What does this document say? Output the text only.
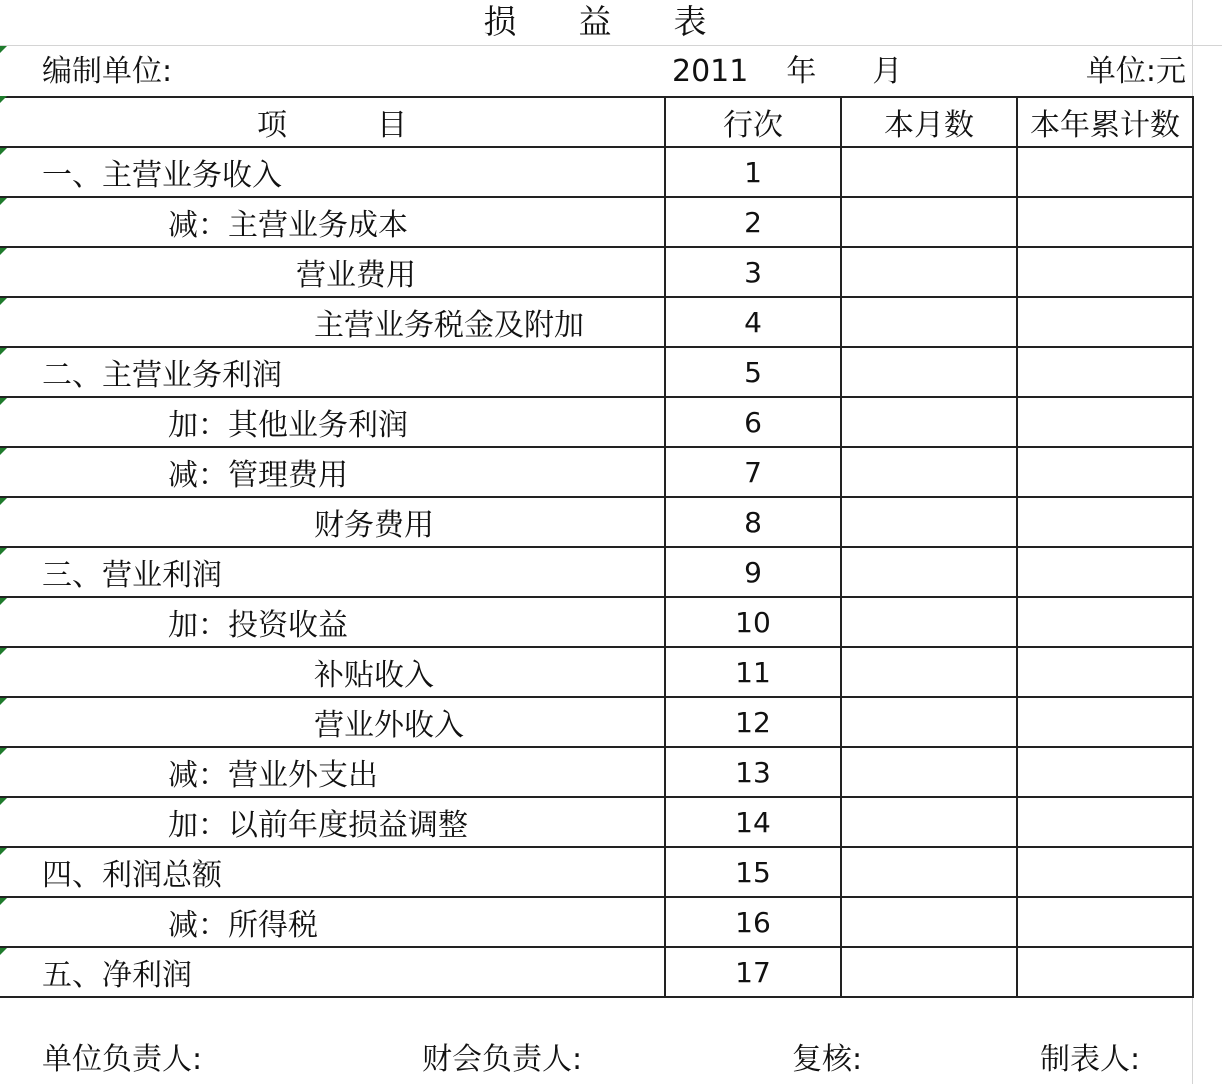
损 益 表
编制单位:	2011 年 月	单位:元
项　　　目	行次	本月数	本年累计数

一、主营业务收入	1		

减：主营业务成本	2		

营业费用	3		

主营业务税金及附加	4		

二、主营业务利润	5		

加：其他业务利润	6		

减：管理费用	7		

财务费用	8		

三、营业利润	9		

加：投资收益	10		

补贴收入	11		

营业外收入	12		

减：营业外支出	13		

加：以前年度损益调整	14		

四、利润总额	15		

减：所得税	16		

五、净利润	17		
单位负责人:	财会负责人:	复核:	制表人:
